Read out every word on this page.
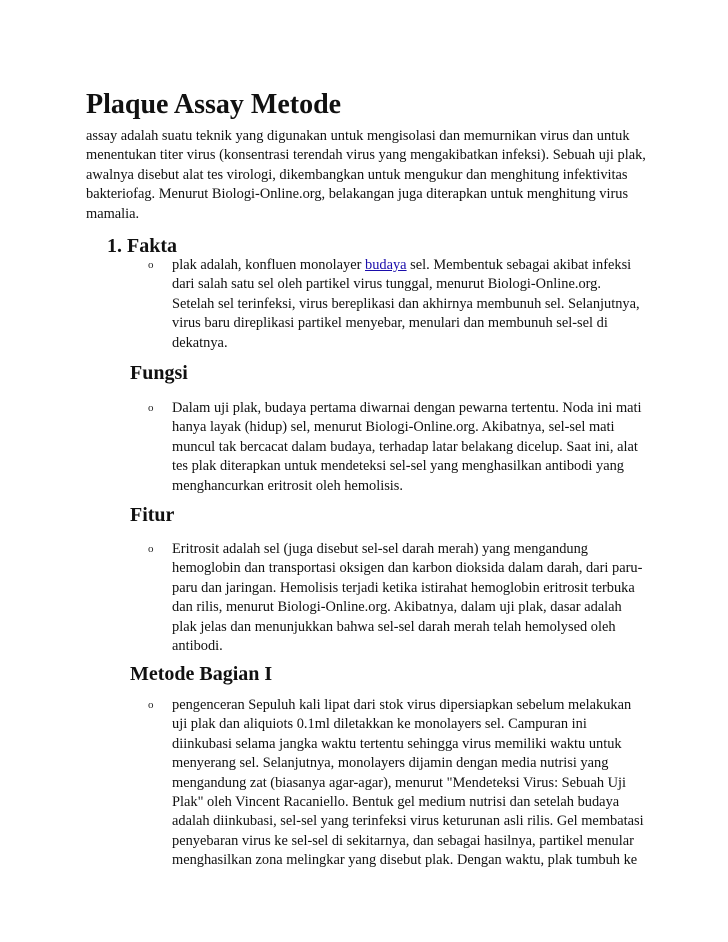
Plaque Assay Metode

assay adalah suatu teknik yang digunakan untuk mengisolasi dan memurnikan virus dan untuk
menentukan titer virus (konsentrasi terendah virus yang mengakibatkan infeksi). Sebuah uji plak,
awalnya disebut alat tes virologi, dikembangkan untuk mengukur dan menghitung infektivitas
bakteriofag. Menurut Biologi-Online.org, belakangan juga diterapkan untuk menghitung virus
mamalia.

1. Fakta
o plak adalah, konfluen monolayer budaya sel. Membentuk sebagai akibat infeksi
dari salah satu sel oleh partikel virus tunggal, menurut Biologi-Online.org.
Setelah sel terinfeksi, virus bereplikasi dan akhirnya membunuh sel. Selanjutnya,
virus baru direplikasi partikel menyebar, menulari dan membunuh sel-sel di
dekatnya.
Fungsi
o Dalam uji plak, budaya pertama diwarnai dengan pewarna tertentu. Noda ini mati
hanya layak (hidup) sel, menurut Biologi-Online.org. Akibatnya, sel-sel mati
muncul tak bercacat dalam budaya, terhadap latar belakang dicelup. Saat ini, alat
tes plak diterapkan untuk mendeteksi sel-sel yang menghasilkan antibodi yang
menghancurkan eritrosit oleh hemolisis.
Fitur
o Eritrosit adalah sel (juga disebut sel-sel darah merah) yang mengandung
hemoglobin dan transportasi oksigen dan karbon dioksida dalam darah, dari paru-
paru dan jaringan. Hemolisis terjadi ketika istirahat hemoglobin eritrosit terbuka
dan rilis, menurut Biologi-Online.org. Akibatnya, dalam uji plak, dasar adalah
plak jelas dan menunjukkan bahwa sel-sel darah merah telah hemolysed oleh
antibodi.
Metode Bagian I
o pengenceran Sepuluh kali lipat dari stok virus dipersiapkan sebelum melakukan
uji plak dan aliquiots 0.1ml diletakkan ke monolayers sel. Campuran ini
diinkubasi selama jangka waktu tertentu sehingga virus memiliki waktu untuk
menyerang sel. Selanjutnya, monolayers dijamin dengan media nutrisi yang
mengandung zat (biasanya agar-agar), menurut "Mendeteksi Virus: Sebuah Uji
Plak" oleh Vincent Racaniello. Bentuk gel medium nutrisi dan setelah budaya
adalah diinkubasi, sel-sel yang terinfeksi virus keturunan asli rilis. Gel membatasi
penyebaran virus ke sel-sel di sekitarnya, dan sebagai hasilnya, partikel menular
menghasilkan zona melingkar yang disebut plak. Dengan waktu, plak tumbuh ke
